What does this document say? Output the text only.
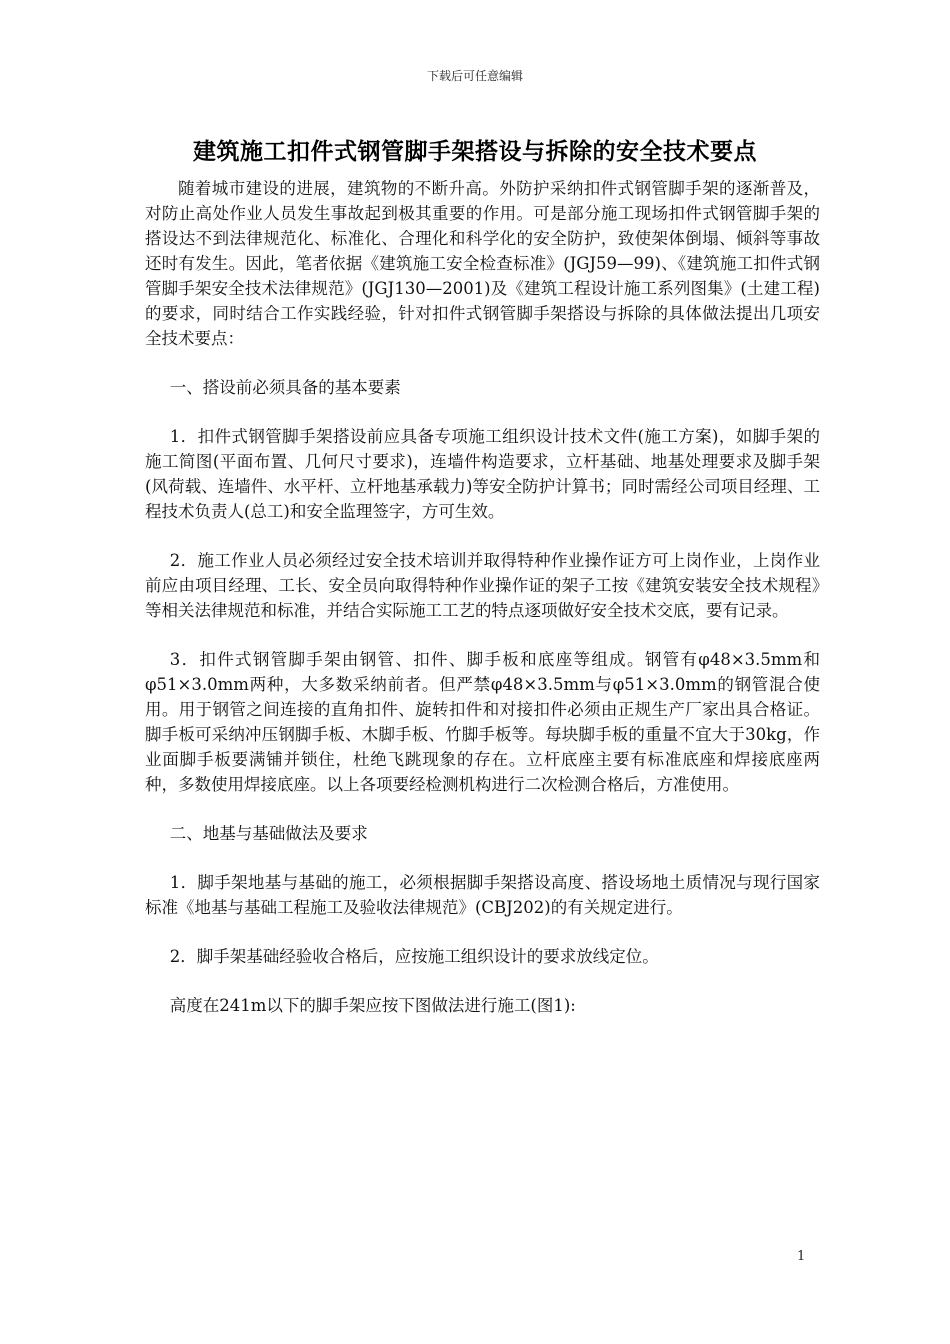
下载后可任意编辑
建筑施工扣件式钢管脚手架搭设与拆除的安全技术要点

随着城市建设的进展，建筑物的不断升高。外防护采纳扣件式钢管脚手架的逐渐普及，对防止高处作业人员发生事故起到极其重要的作用。可是部分施工现场扣件式钢管脚手架的搭设达不到法律规范化、标准化、合理化和科学化的安全防护，致使架体倒塌、倾斜等事故还时有发生。因此，笔者依据《建筑施工安全检查标准》(JGJ59—99)、《建筑施工扣件式钢管脚手架安全技术法律规范》(JGJ130—2001)及《建筑工程设计施工系列图集》(土建工程)的要求，同时结合工作实践经验，针对扣件式钢管脚手架搭设与拆除的具体做法提出几项安全技术要点：

一、搭设前必须具备的基本要素

1．扣件式钢管脚手架搭设前应具备专项施工组织设计技术文件(施工方案)，如脚手架的施工简图(平面布置、几何尺寸要求)，连墙件构造要求，立杆基础、地基处理要求及脚手架(风荷载、连墙件、水平杆、立杆地基承载力)等安全防护计算书；同时需经公司项目经理、工程技术负责人(总工)和安全监理签字，方可生效。

2．施工作业人员必须经过安全技术培训并取得特种作业操作证方可上岗作业，上岗作业前应由项目经理、工长、安全员向取得特种作业操作证的架子工按《建筑安装安全技术规程》等相关法律规范和标准，并结合实际施工工艺的特点逐项做好安全技术交底，要有记录。

3．扣件式钢管脚手架由钢管、扣件、脚手板和底座等组成。钢管有φ48×3.5mm和φ51×3.0mm两种，大多数采纳前者。但严禁φ48×3.5mm与φ51×3.0mm的钢管混合使用。用于钢管之间连接的直角扣件、旋转扣件和对接扣件必须由正规生产厂家出具合格证。脚手板可采纳冲压钢脚手板、木脚手板、竹脚手板等。每块脚手板的重量不宜大于30kg，作业面脚手板要满铺并锁住，杜绝飞跳现象的存在。立杆底座主要有标准底座和焊接底座两种，多数使用焊接底座。以上各项要经检测机构进行二次检测合格后，方准使用。

二、地基与基础做法及要求

1．脚手架地基与基础的施工，必须根据脚手架搭设高度、搭设场地土质情况与现行国家标准《地基与基础工程施工及验收法律规范》(CBJ202)的有关规定进行。

2．脚手架基础经验收合格后，应按施工组织设计的要求放线定位。

高度在241m以下的脚手架应按下图做法进行施工(图1):

1
